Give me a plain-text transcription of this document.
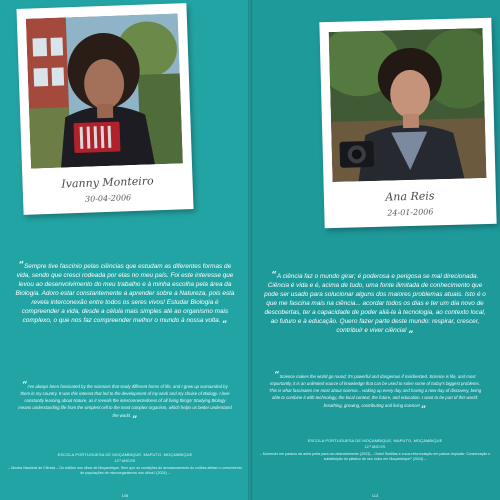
Ivanny Monteiro
30-04-2006
“Sempre tive fascínio pelas ciências que estudam as diferentes formas de vida, sendo que cresci rodeada por elas no meu país. Foi este interesse que levou ao desenvolvimento do meu trabalho e à minha escolha pela área da Biologia. Adoro estar constantemente a aprender sobre a Natureza, pois esta revela interconexão entre todos os seres vivos! Estudar Biologia é compreender a vida, desde a célula mais simples até ao organismo mais complexo, o que nos faz compreender melhor o mundo à nossa volta. „
“I've always been fascinated by the sciences that study different forms of life, and I grew up surrounded by them in my country. It was this interest that led to the development of my work and my choice of Biology. I love constantly learning about Nature, as it reveals the interconnectedness of all living things! Studying Biology means understanding life from the simplest cell to the most complex organism, which helps us better understand the world. „
ESCOLA PORTUGUESA DE MOÇAMBIQUE, MAPUTO, MOÇAMBIQUE
12.º ANO ES
– Mostra Nacional de Ciência – Os coliões nos olhos de Moçambique, Sem que os condições de armazenamento do coliões afetam o crescimento de populações de microorganismos nos olhos? (2024) –
108
Ana Reis
24-01-2006
“A ciência faz o mundo girar; é poderosa e perigosa se mal direcionada. Ciência é vida e é, acima de tudo, uma fonte ilimitada de conhecimento que pode ser usado para solucionar alguns dos maiores problemas atuais. Isto é o que me fascina mais na ciência... acordar todos os dias e ter um dia novo de descobertas, ter a capacidade de poder aliá-la à tecnologia, ao contexto local, ao futuro e à educação. Quero fazer parte deste mundo: respirar, crescer, contribuir e viver ciência! „
“Science makes the world go round; it's powerful and dangerous if misdirected. Science is life, and most importantly, it is an unlimited source of knowledge that can be used to solve some of today's biggest problems. This is what fascinates me most about science... waking up every day and having a new day of discovery, being able to combine it with technology, the local context, the future, and education. I want to be part of this world: breathing, growing, contributing and living science! „
ESCOLA PORTUGUESA DE MOÇAMBIQUE, MAPUTO, MOÇAMBIQUE
12.º ANO ES
– Morrendo em paraíso da areia preta para um descobrimento (2023) – Oshel Soldifas e a sua reformulação em paisos tropicais: Conservação e substituição do plástico de uso único em Moçambique? (2024) –
113
